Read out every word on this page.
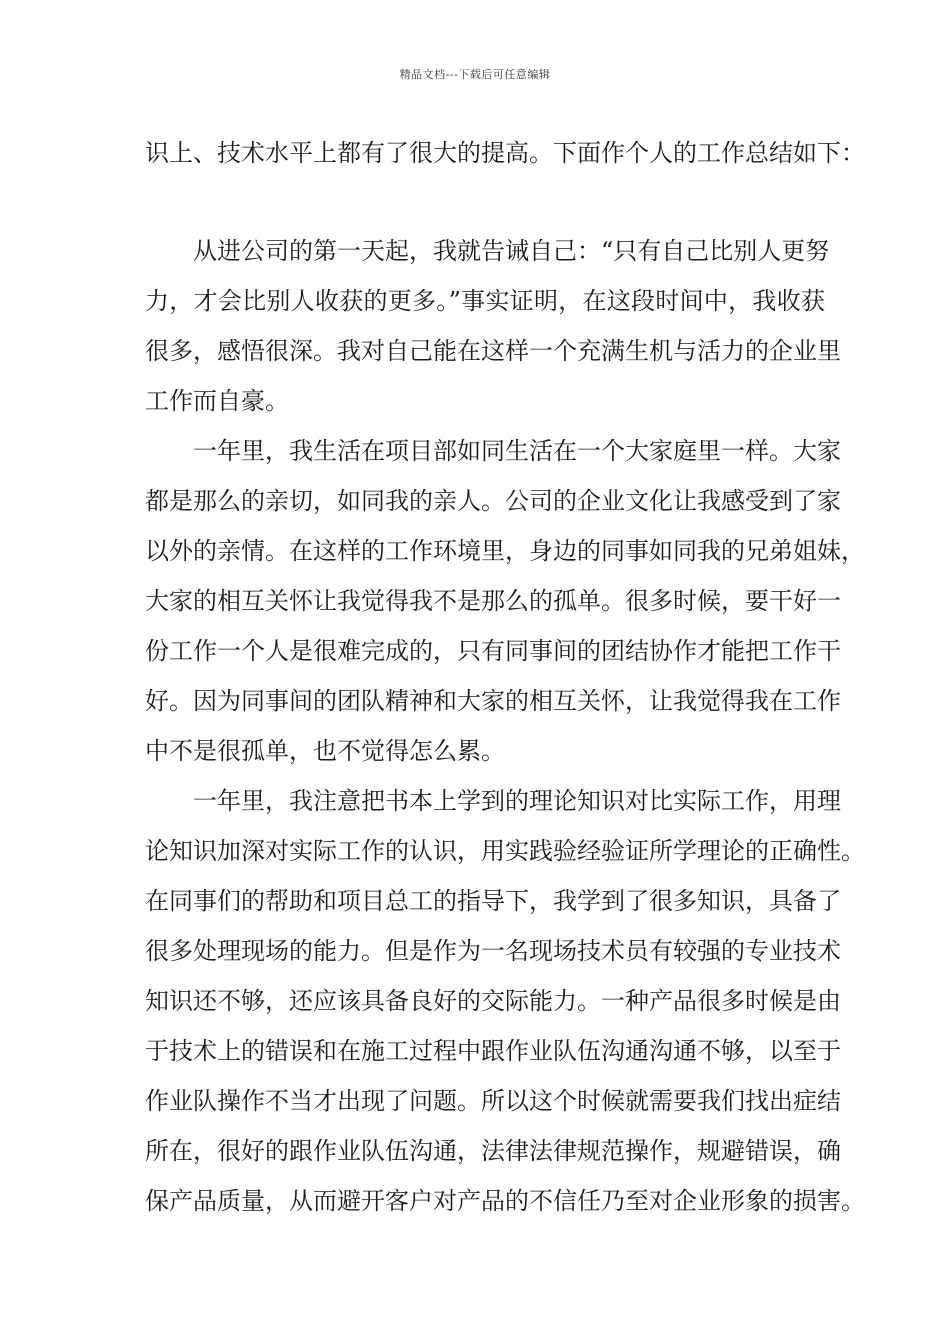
精品文档---下载后可任意编辑
识上、技术水平上都有了很大的提高。下面作个人的工作总结如下：
从进公司的第一天起，我就告诫自己：“只有自己比别人更努
力，才会比别人收获的更多。”事实证明，在这段时间中，我收获
很多，感悟很深。我对自己能在这样一个充满生机与活力的企业里
工作而自豪。
一年里，我生活在项目部如同生活在一个大家庭里一样。大家
都是那么的亲切，如同我的亲人。公司的企业文化让我感受到了家
以外的亲情。在这样的工作环境里，身边的同事如同我的兄弟姐妹，
大家的相互关怀让我觉得我不是那么的孤单。很多时候，要干好一
份工作一个人是很难完成的，只有同事间的团结协作才能把工作干
好。因为同事间的团队精神和大家的相互关怀，让我觉得我在工作
中不是很孤单，也不觉得怎么累。
一年里，我注意把书本上学到的理论知识对比实际工作，用理
论知识加深对实际工作的认识，用实践验经验证所学理论的正确性。
在同事们的帮助和项目总工的指导下，我学到了很多知识，具备了
很多处理现场的能力。但是作为一名现场技术员有较强的专业技术
知识还不够，还应该具备良好的交际能力。一种产品很多时候是由
于技术上的错误和在施工过程中跟作业队伍沟通沟通不够，以至于
作业队操作不当才出现了问题。所以这个时候就需要我们找出症结
所在，很好的跟作业队伍沟通，法律法律规范操作，规避错误，确
保产品质量，从而避开客户对产品的不信任乃至对企业形象的损害。
